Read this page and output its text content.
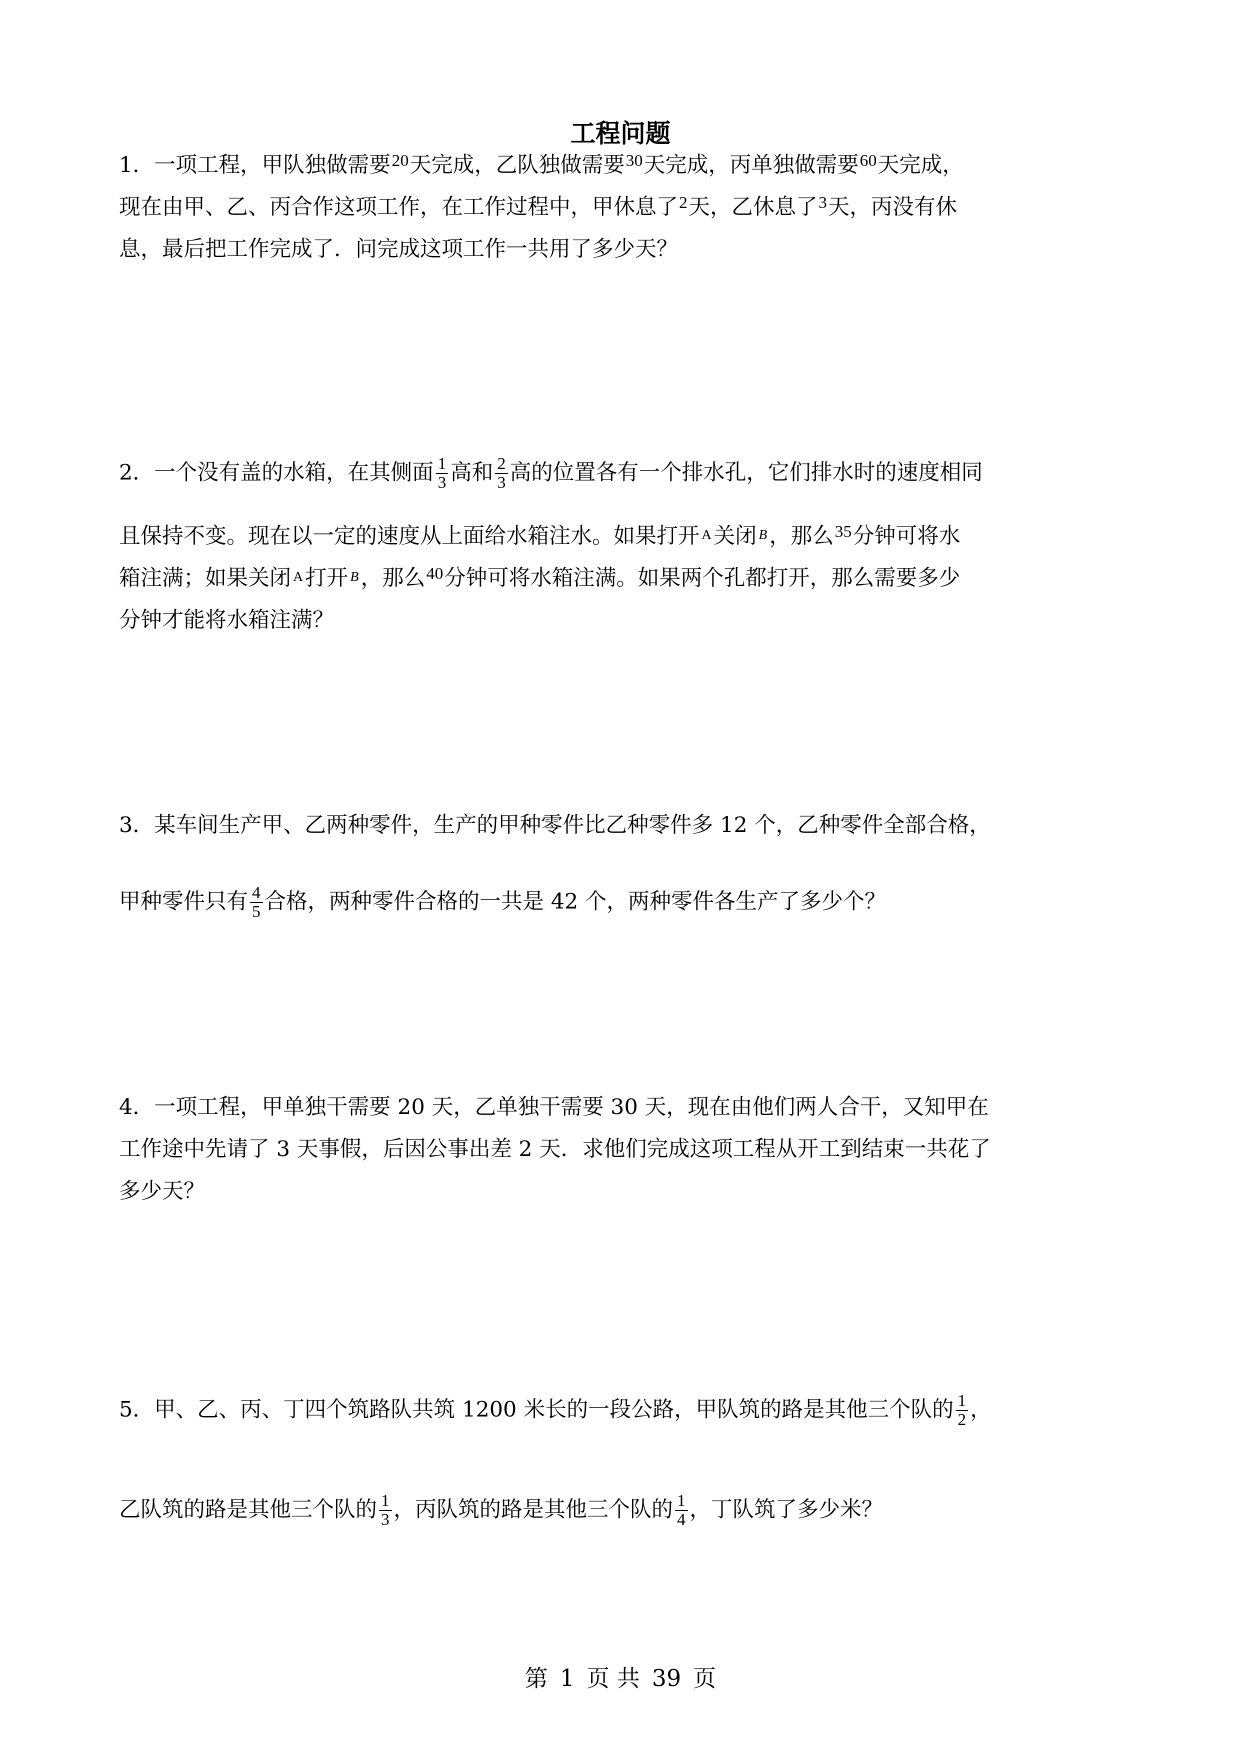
工程问题
1．一项工程，甲队独做需要$^{20}$天完成，乙队独做需要$^{30}$天完成，丙单独做需要$^{60}$天完成，
现在由甲、乙、丙合作这项工作，在工作过程中，甲休息了$^2$天，乙休息了$^3$天，丙没有休
息，最后把工作完成了．问完成这项工作一共用了多少天？
2．一个没有盖的水箱，在其侧面 $\frac{1}{3}$ 高和 $\frac{2}{3}$ 高的位置各有一个排水孔，它们排水时的速度相同
且保持不变。现在以一定的速度从上面给水箱注水。如果打开 A关闭 B，那么$^{35}$分钟可将水
箱注满；如果关闭 A打开 B，那么$^{40}$分钟可将水箱注满。如果两个孔都打开，那么需要多少
分钟才能将水箱注满？
3．某车间生产甲、乙两种零件，生产的甲种零件比乙种零件多 12 个，乙种零件全部合格，
甲种零件只有 $\frac{4}{5}$ 合格，两种零件合格的一共是 42 个，两种零件各生产了多少个？
4．一项工程，甲单独干需要 20 天，乙单独干需要 30 天，现在由他们两人合干，又知甲在
工作途中先请了 3 天事假，后因公事出差 2 天．求他们完成这项工程从开工到结束一共花了
多少天？
5．甲、乙、丙、丁四个筑路队共筑 1200 米长的一段公路，甲队筑的路是其他三个队的 $\frac{1}{2}$ ，
乙队筑的路是其他三个队的 $\frac{1}{3}$ ，丙队筑的路是其他三个队的 $\frac{1}{4}$ ，丁队筑了多少米？
第 1 页 共 39 页
